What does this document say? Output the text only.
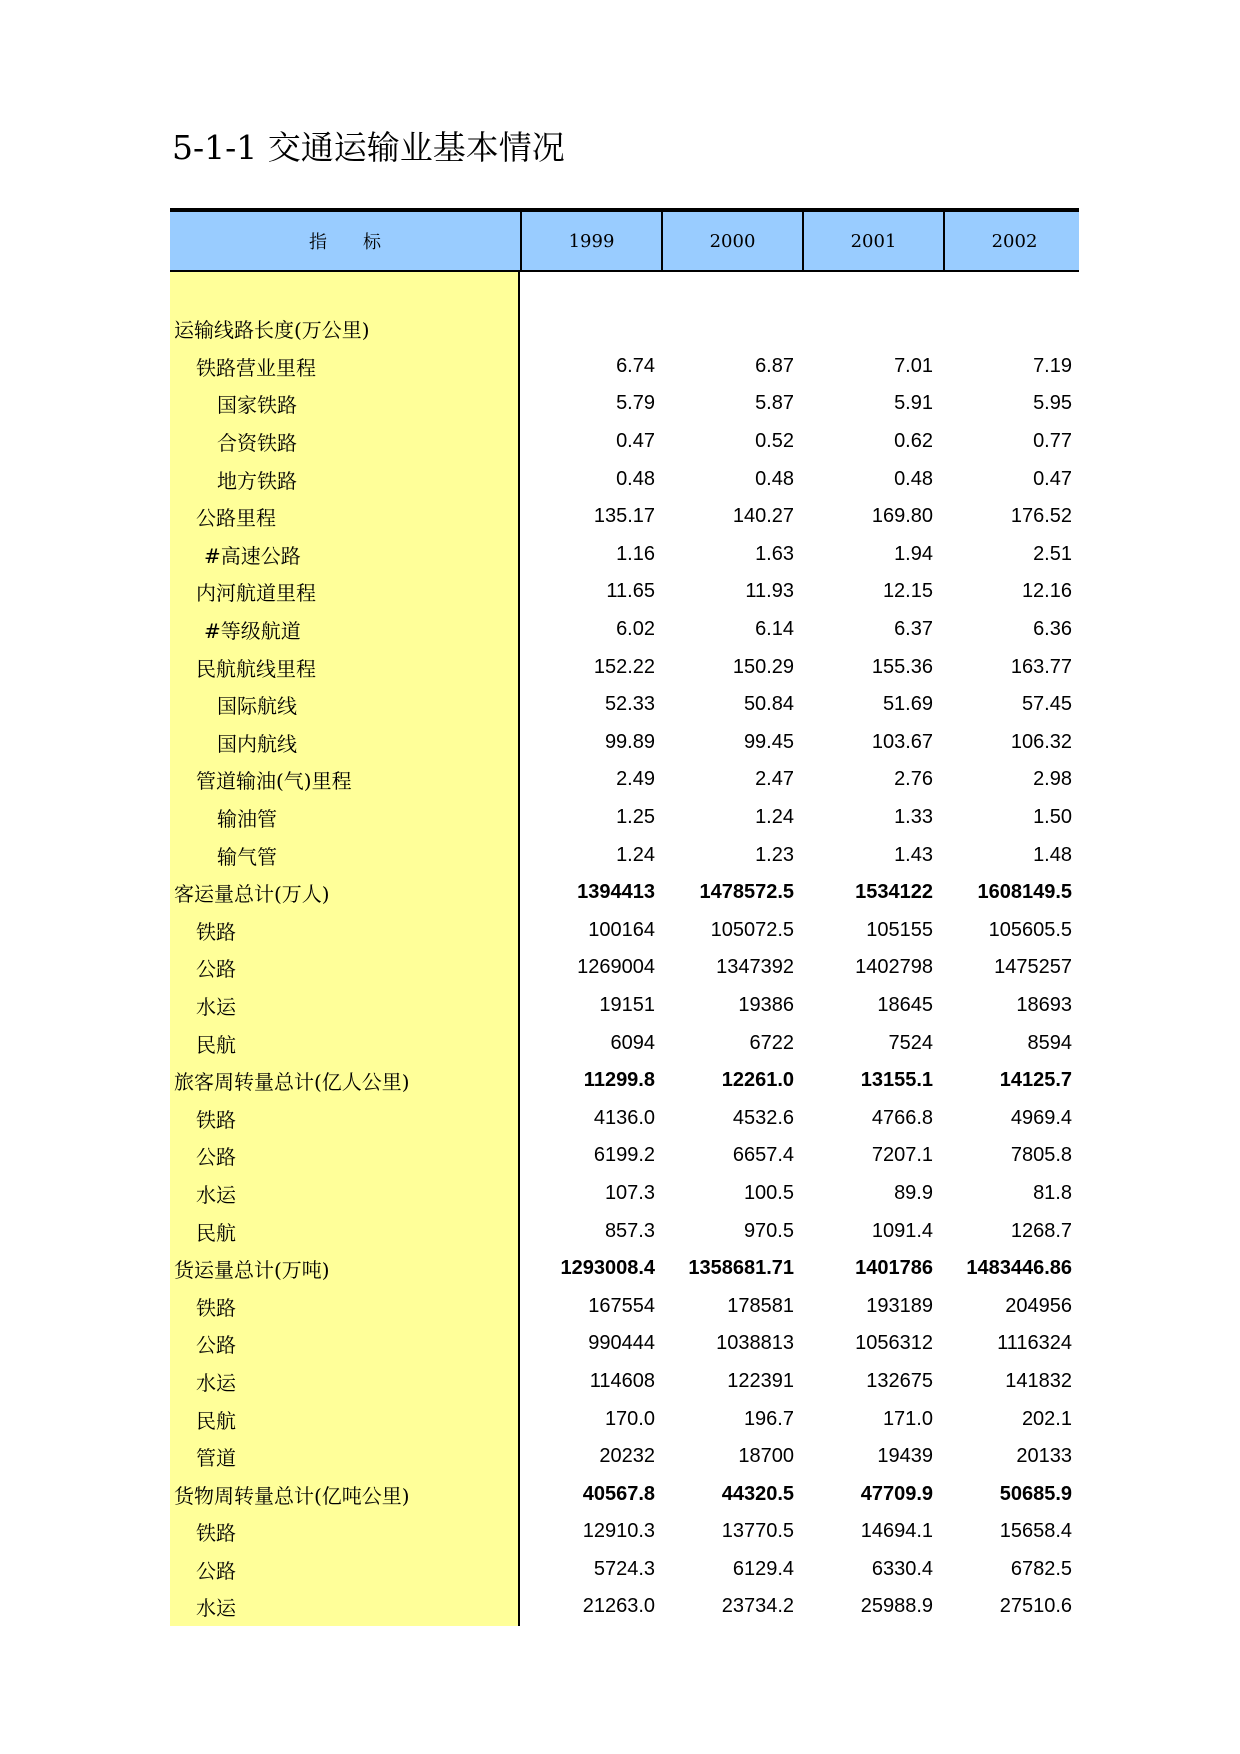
5-1-1 交通运输业基本情况
指　　标	1999	2000	2001	2002
运输线路长度(万公里)
铁路营业里程	6.74	6.87	7.01	7.19
国家铁路	5.79	5.87	5.91	5.95
合资铁路	0.47	0.52	0.62	0.77
地方铁路	0.48	0.48	0.48	0.47
公路里程	135.17	140.27	169.80	176.52
#高速公路	1.16	1.63	1.94	2.51
内河航道里程	11.65	11.93	12.15	12.16
#等级航道	6.02	6.14	6.37	6.36
民航航线里程	152.22	150.29	155.36	163.77
国际航线	52.33	50.84	51.69	57.45
国内航线	99.89	99.45	103.67	106.32
管道输油(气)里程	2.49	2.47	2.76	2.98
输油管	1.25	1.24	1.33	1.50
输气管	1.24	1.23	1.43	1.48
客运量总计(万人)	1394413	1478572.5	1534122	1608149.5
铁路	100164	105072.5	105155	105605.5
公路	1269004	1347392	1402798	1475257
水运	19151	19386	18645	18693
民航	6094	6722	7524	8594
旅客周转量总计(亿人公里)	11299.8	12261.0	13155.1	14125.7
铁路	4136.0	4532.6	4766.8	4969.4
公路	6199.2	6657.4	7207.1	7805.8
水运	107.3	100.5	89.9	81.8
民航	857.3	970.5	1091.4	1268.7
货运量总计(万吨)	1293008.4	1358681.71	1401786	1483446.86
铁路	167554	178581	193189	204956
公路	990444	1038813	1056312	1116324
水运	114608	122391	132675	141832
民航	170.0	196.7	171.0	202.1
管道	20232	18700	19439	20133
货物周转量总计(亿吨公里)	40567.8	44320.5	47709.9	50685.9
铁路	12910.3	13770.5	14694.1	15658.4
公路	5724.3	6129.4	6330.4	6782.5
水运	21263.0	23734.2	25988.9	27510.6
